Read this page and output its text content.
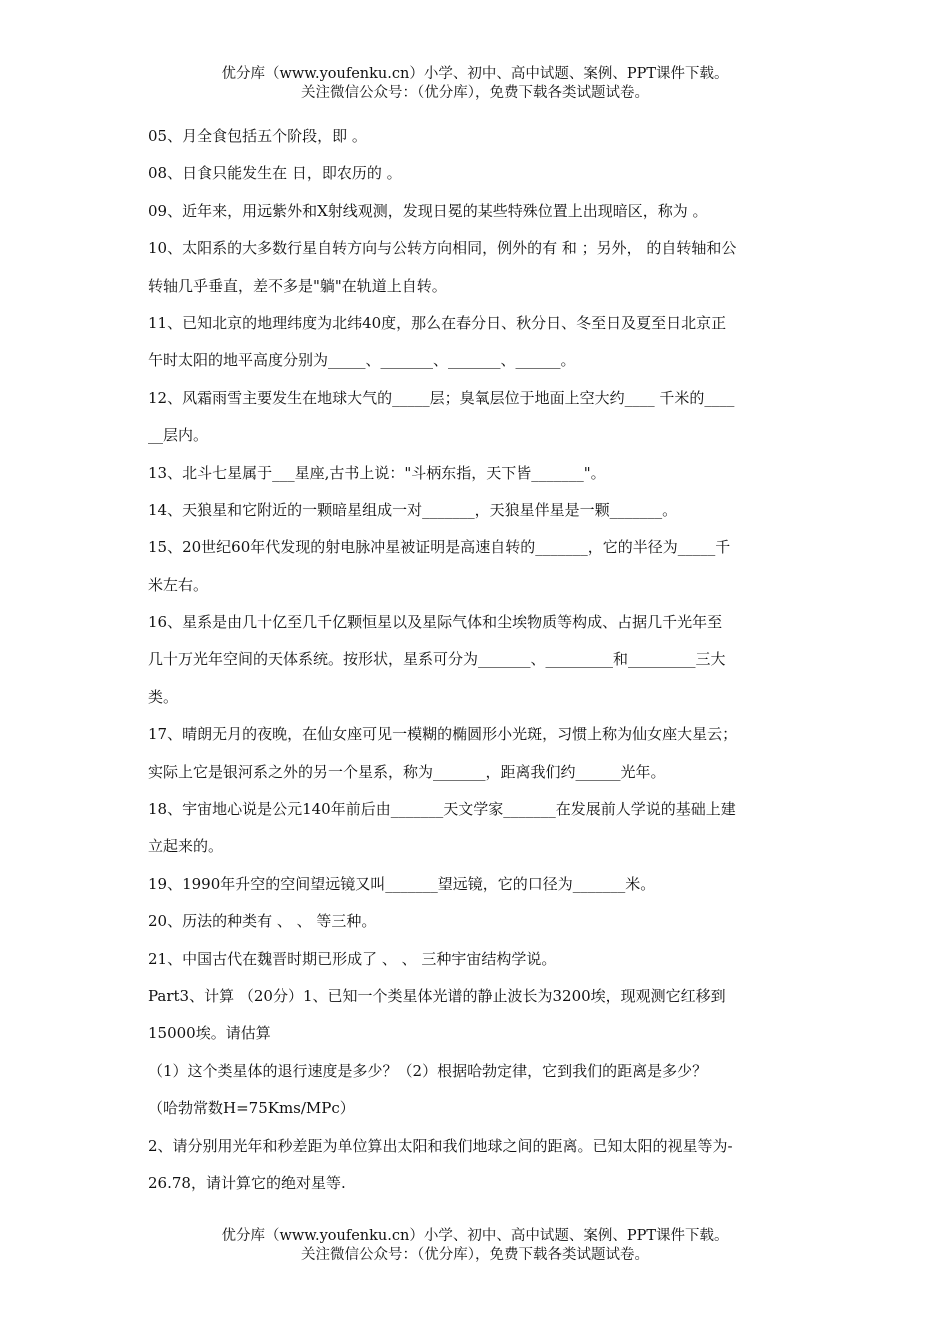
优分库（www.youfenku.cn）小学、初中、高中试题、案例、PPT课件下载。
关注微信公众号：（优分库），免费下载各类试题试卷。
05、月全食包括五个阶段，即 。
08、日食只能发生在 日，即农历的 。
09、近年来，用远紫外和X射线观测，发现日冕的某些特殊位置上出现暗区，称为 。
10、太阳系的大多数行星自转方向与公转方向相同，例外的有 和 ；另外， 的自转轴和公
转轴几乎垂直，差不多是"躺"在轨道上自转。
11、已知北京的地理纬度为北纬40度，那么在春分日、秋分日、冬至日及夏至日北京正
午时太阳的地平高度分别为_____、_______、_______、______。
12、风霜雨雪主要发生在地球大气的_____层；臭氧层位于地面上空大约____ 千米的____
__层内。
13、北斗七星属于___星座,古书上说："斗柄东指，天下皆_______"。
14、天狼星和它附近的一颗暗星组成一对_______，天狼星伴星是一颗_______。
15、20世纪60年代发现的射电脉冲星被证明是高速自转的_______，它的半径为_____千
米左右。
16、星系是由几十亿至几千亿颗恒星以及星际气体和尘埃物质等构成、占据几千光年至
几十万光年空间的天体系统。按形状，星系可分为_______、_________和_________三大
类。
17、晴朗无月的夜晚，在仙女座可见一模糊的椭圆形小光斑，习惯上称为仙女座大星云；
实际上它是银河系之外的另一个星系，称为_______，距离我们约______光年。
18、宇宙地心说是公元140年前后由_______天文学家_______在发展前人学说的基础上建
立起来的。
19、1990年升空的空间望远镜又叫_______望远镜，它的口径为_______米。
20、历法的种类有 、 、 等三种。
21、中国古代在魏晋时期已形成了 、 、 三种宇宙结构学说。
Part3、计算 （20分）1、已知一个类星体光谱的静止波长为3200埃，现观测它红移到
15000埃。请估算
（1）这个类星体的退行速度是多少？（2）根据哈勃定律，它到我们的距离是多少？
（哈勃常数H=75Kms/MPc）
2、请分别用光年和秒差距为单位算出太阳和我们地球之间的距离。已知太阳的视星等为-
26.78，请计算它的绝对星等.
优分库（www.youfenku.cn）小学、初中、高中试题、案例、PPT课件下载。
关注微信公众号：（优分库），免费下载各类试题试卷。
